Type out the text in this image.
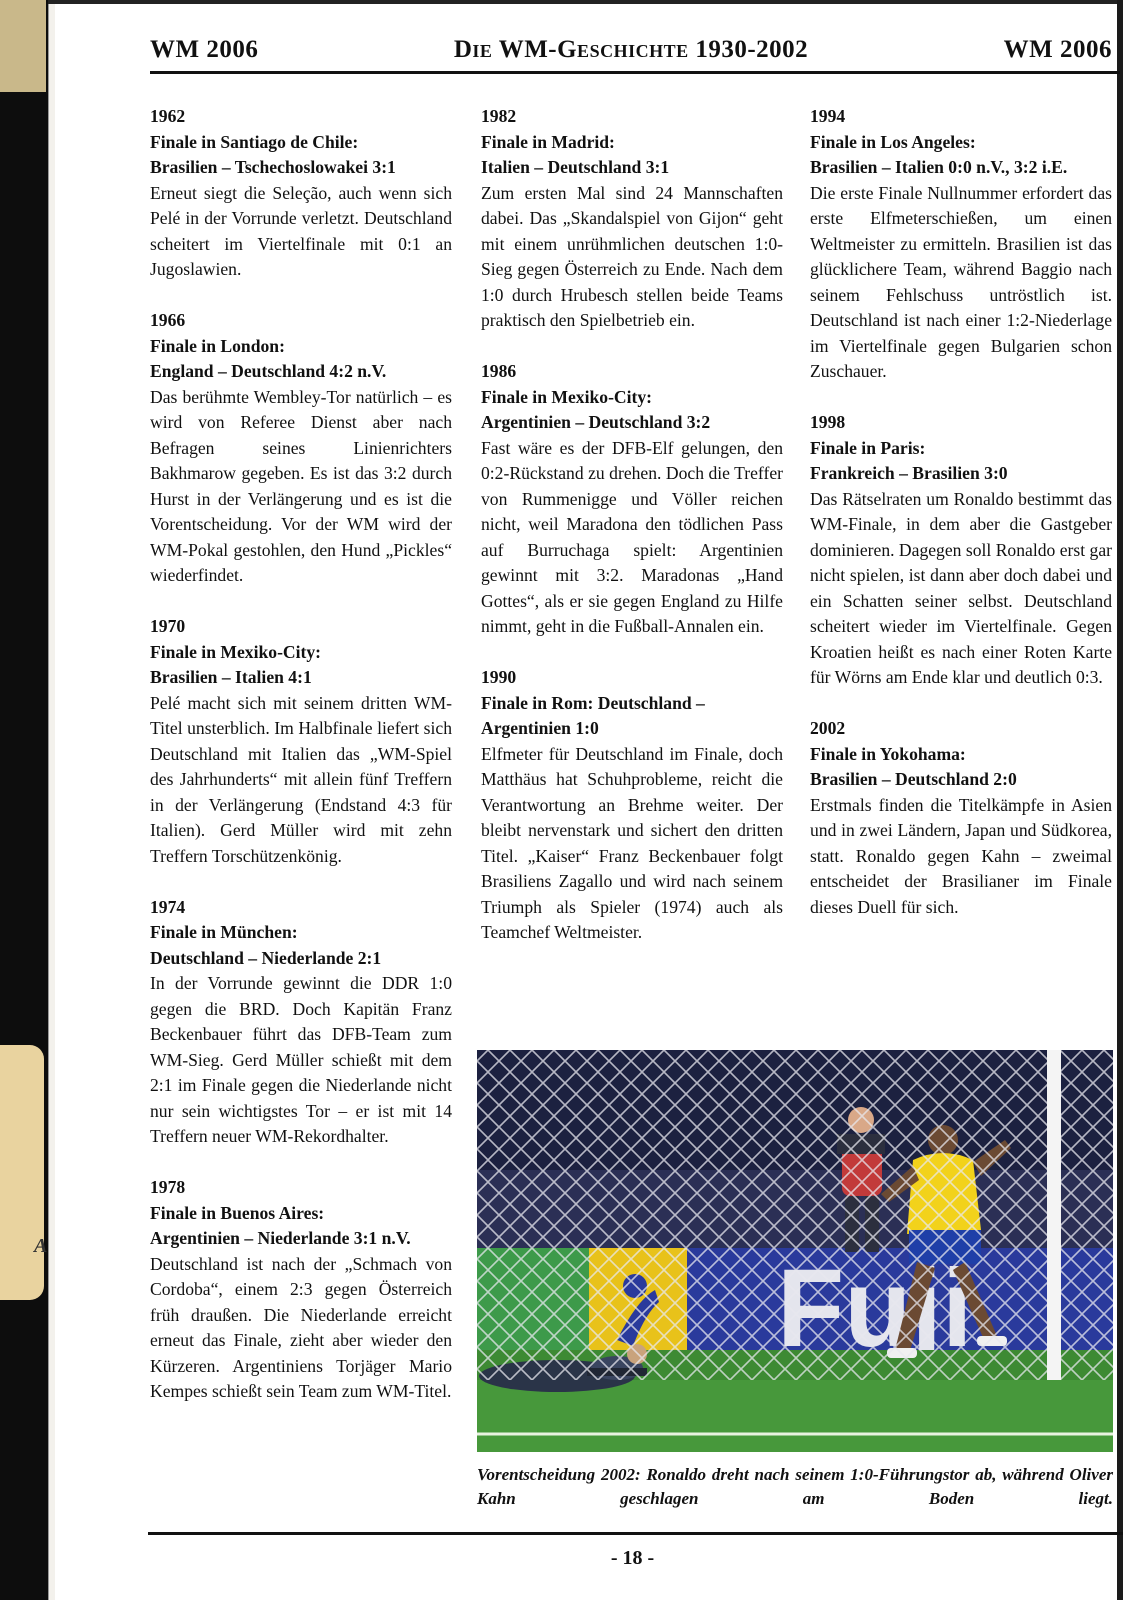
A
WM 2006	Die WM-Geschichte 1930-2002	WM 2006
1962
Finale in Santiago de Chile:
Brasilien – Tschechoslowakei 3:1
Erneut siegt die Seleção, auch wenn sich Pelé in der Vorrunde verletzt. Deutschland scheitert im Viertelfinale mit 0:1 an Jugoslawien.
1966
Finale in London:
England – Deutschland 4:2 n.V.
Das berühmte Wembley-Tor natürlich – es wird von Referee Dienst aber nach Befragen seines Linienrichters Bakhmarow gegeben. Es ist das 3:2 durch Hurst in der Verlängerung und es ist die Vorentscheidung. Vor der WM wird der WM-Pokal gestohlen, den Hund „Pickles“ wiederfindet.
1970
Finale in Mexiko-City:
Brasilien – Italien 4:1
Pelé macht sich mit seinem dritten WM-Titel unsterblich. Im Halbfinale liefert sich Deutschland mit Italien das „WM-Spiel des Jahrhunderts“ mit allein fünf Treffern in der Verlängerung (Endstand 4:3 für Italien). Gerd Müller wird mit zehn Treffern Torschützenkönig.
1974
Finale in München:
Deutschland – Niederlande 2:1
In der Vorrunde gewinnt die DDR 1:0 gegen die BRD. Doch Kapitän Franz Beckenbauer führt das DFB-Team zum WM-Sieg. Gerd Müller schießt mit dem 2:1 im Finale gegen die Niederlande nicht nur sein wichtigstes Tor – er ist mit 14 Treffern neuer WM-Rekordhalter.
1978
Finale in Buenos Aires:
Argentinien – Niederlande 3:1 n.V.
Deutschland ist nach der „Schmach von Cordoba“, einem 2:3 gegen Österreich früh draußen. Die Niederlande erreicht erneut das Finale, zieht aber wieder den Kürzeren. Argentiniens Torjäger Mario Kempes schießt sein Team zum WM-Titel.
1982
Finale in Madrid:
Italien – Deutschland 3:1
Zum ersten Mal sind 24 Mannschaften dabei. Das „Skandalspiel von Gijon“ geht mit einem unrühmlichen deutschen 1:0-Sieg gegen Österreich zu Ende. Nach dem 1:0 durch Hrubesch stellen beide Teams praktisch den Spielbetrieb ein.
1986
Finale in Mexiko-City:
Argentinien – Deutschland 3:2
Fast wäre es der DFB-Elf gelungen, den 0:2-Rückstand zu drehen. Doch die Treffer von Rummenigge und Völler reichen nicht, weil Maradona den tödlichen Pass auf Burruchaga spielt: Argentinien gewinnt mit 3:2. Maradonas „Hand Gottes“, als er sie gegen England zu Hilfe nimmt, geht in die Fußball-Annalen ein.
1990
Finale in Rom: Deutschland –
Argentinien 1:0
Elfmeter für Deutschland im Finale, doch Matthäus hat Schuhprobleme, reicht die Verantwortung an Brehme weiter. Der bleibt nervenstark und sichert den dritten Titel. „Kaiser“ Franz Beckenbauer folgt Brasiliens Zagallo und wird nach seinem Triumph als Spieler (1974) auch als Teamchef Weltmeister.
1994
Finale in Los Angeles:
Brasilien – Italien 0:0 n.V., 3:2 i.E.
Die erste Finale Nullnummer erfordert das erste Elfmeterschießen, um einen Weltmeister zu ermitteln. Brasilien ist das glücklichere Team, während Baggio nach seinem Fehlschuss untröstlich ist. Deutschland ist nach einer 1:2-Niederlage im Viertelfinale gegen Bulgarien schon Zuschauer.
1998
Finale in Paris:
Frankreich – Brasilien 3:0
Das Rätselraten um Ronaldo bestimmt das WM-Finale, in dem aber die Gastgeber dominieren. Dagegen soll Ronaldo erst gar nicht spielen, ist dann aber doch dabei und ein Schatten seiner selbst. Deutschland scheitert wieder im Viertelfinale. Gegen Kroatien heißt es nach einer Roten Karte für Wörns am Ende klar und deutlich 0:3.
2002
Finale in Yokohama:
Brasilien – Deutschland 2:0
Erstmals finden die Titelkämpfe in Asien und in zwei Ländern, Japan und Südkorea, statt. Ronaldo gegen Kahn – zweimal entscheidet der Brasilianer im Finale dieses Duell für sich.
Vorentscheidung 2002: Ronaldo dreht nach seinem 1:0-Führungstor ab, während Oliver Kahn geschlagen am Boden liegt.
- 18 -
